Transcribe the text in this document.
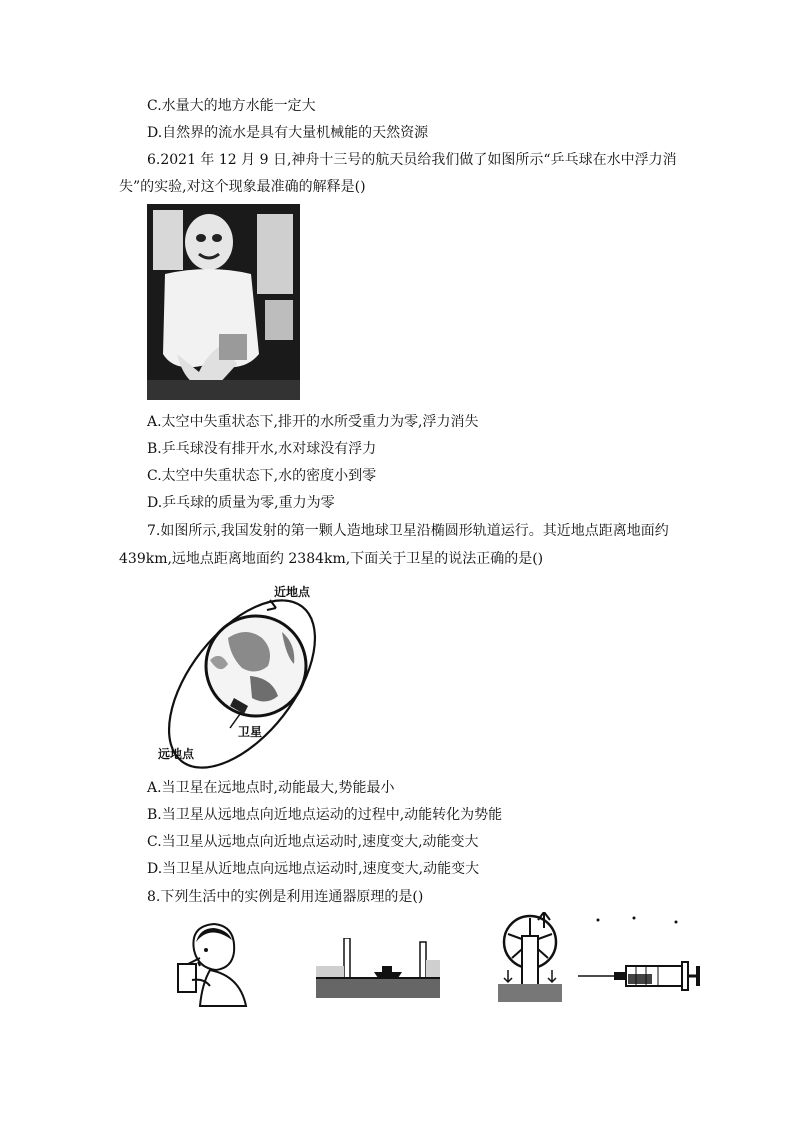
C.水量大的地方水能一定大
D.自然界的流水是具有大量机械能的天然资源
6.2021 年 12 月 9 日,神舟十三号的航天员给我们做了如图所示“乒乓球在水中浮力消
失”的实验,对这个现象最准确的解释是()
A.太空中失重状态下,排开的水所受重力为零,浮力消失
B.乒乓球没有排开水,水对球没有浮力
C.太空中失重状态下,水的密度小到零
D.乒乓球的质量为零,重力为零
7.如图所示,我国发射的第一颗人造地球卫星沿椭圆形轨道运行。其近地点距离地面约
439km,远地点距离地面约 2384km,下面关于卫星的说法正确的是()
近地点
卫星
远地点
A.当卫星在远地点时,动能最大,势能最小
B.当卫星从远地点向近地点运动的过程中,动能转化为势能
C.当卫星从远地点向近地点运动时,速度变大,动能变大
D.当卫星从近地点向远地点运动时,速度变大,动能变大
8.下列生活中的实例是利用连通器原理的是()
